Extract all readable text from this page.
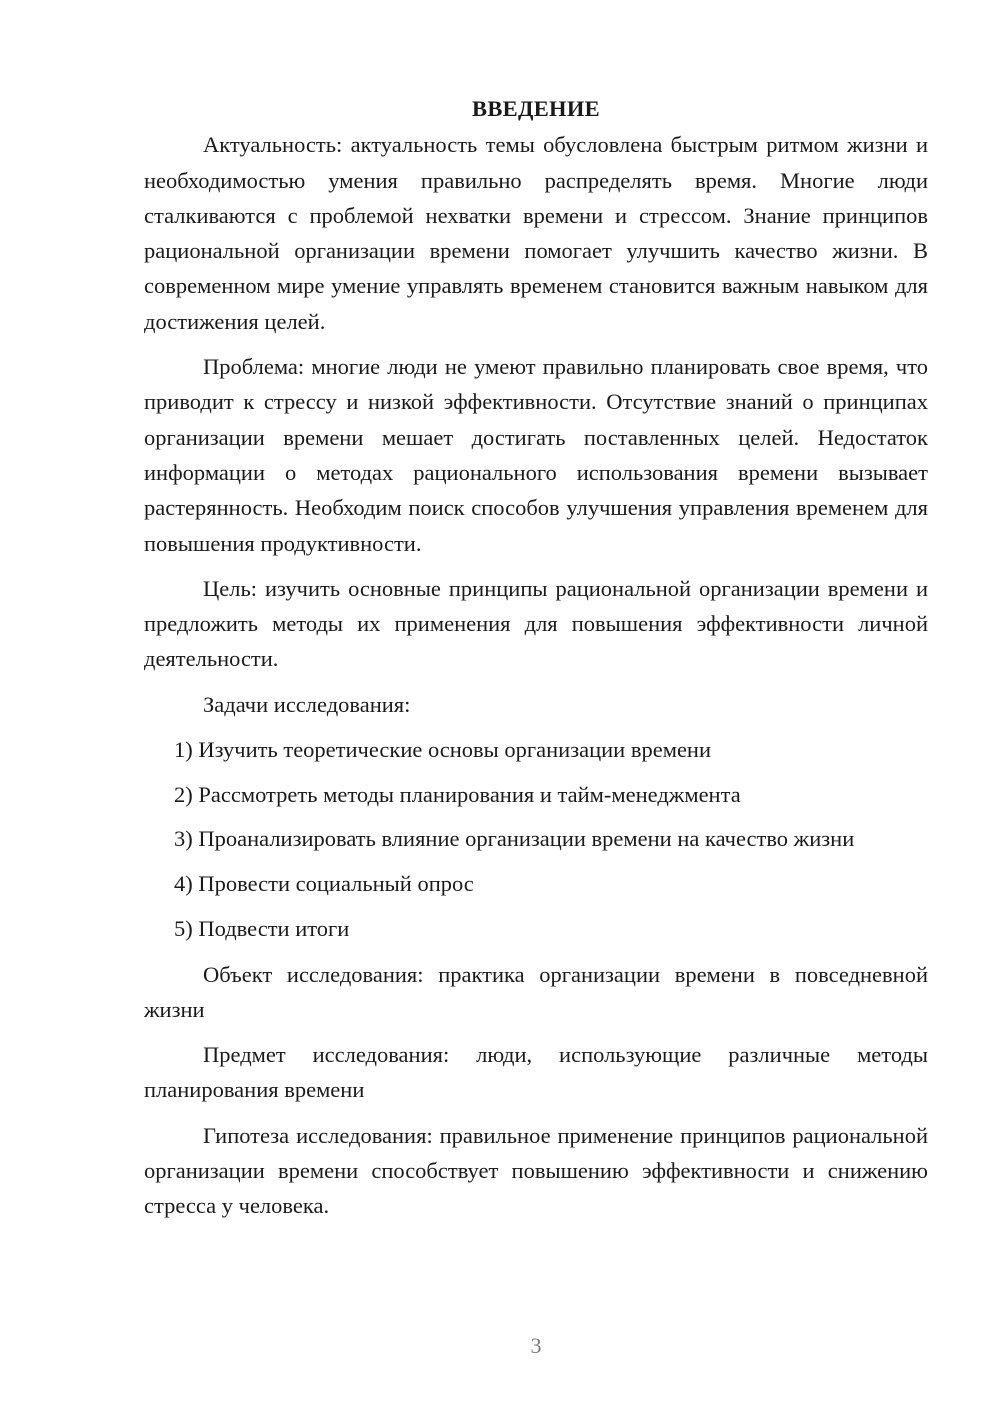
ВВЕДЕНИЕ

Актуальность: актуальность темы обусловлена быстрым ритмом жизни и необходимостью умения правильно распределять время. Многие люди сталкиваются с проблемой нехватки времени и стрессом. Знание принципов рациональной организации времени помогает улучшить качество жизни. В современном мире умение управлять временем становится важным навыком для достижения целей.

Проблема: многие люди не умеют правильно планировать свое время, что приводит к стрессу и низкой эффективности. Отсутствие знаний о принципах организации времени мешает достигать поставленных целей. Недостаток информации о методах рационального использования времени вызывает растерянность. Необходим поиск способов улучшения управления временем для повышения продуктивности.

Цель: изучить основные принципы рациональной организации времени и предложить методы их применения для повышения эффективности личной деятельности.

Задачи исследования:

1) Изучить теоретические основы организации времени

2) Рассмотреть методы планирования и тайм-менеджмента

3) Проанализировать влияние организации времени на качество жизни

4) Провести социальный опрос

5) Подвести итоги

Объект исследования: практика организации времени в повседневной жизни

Предмет исследования: люди, использующие различные методы планирования времени

Гипотеза исследования: правильное применение принципов рациональной организации времени способствует повышению эффективности и снижению стресса у человека.

3
